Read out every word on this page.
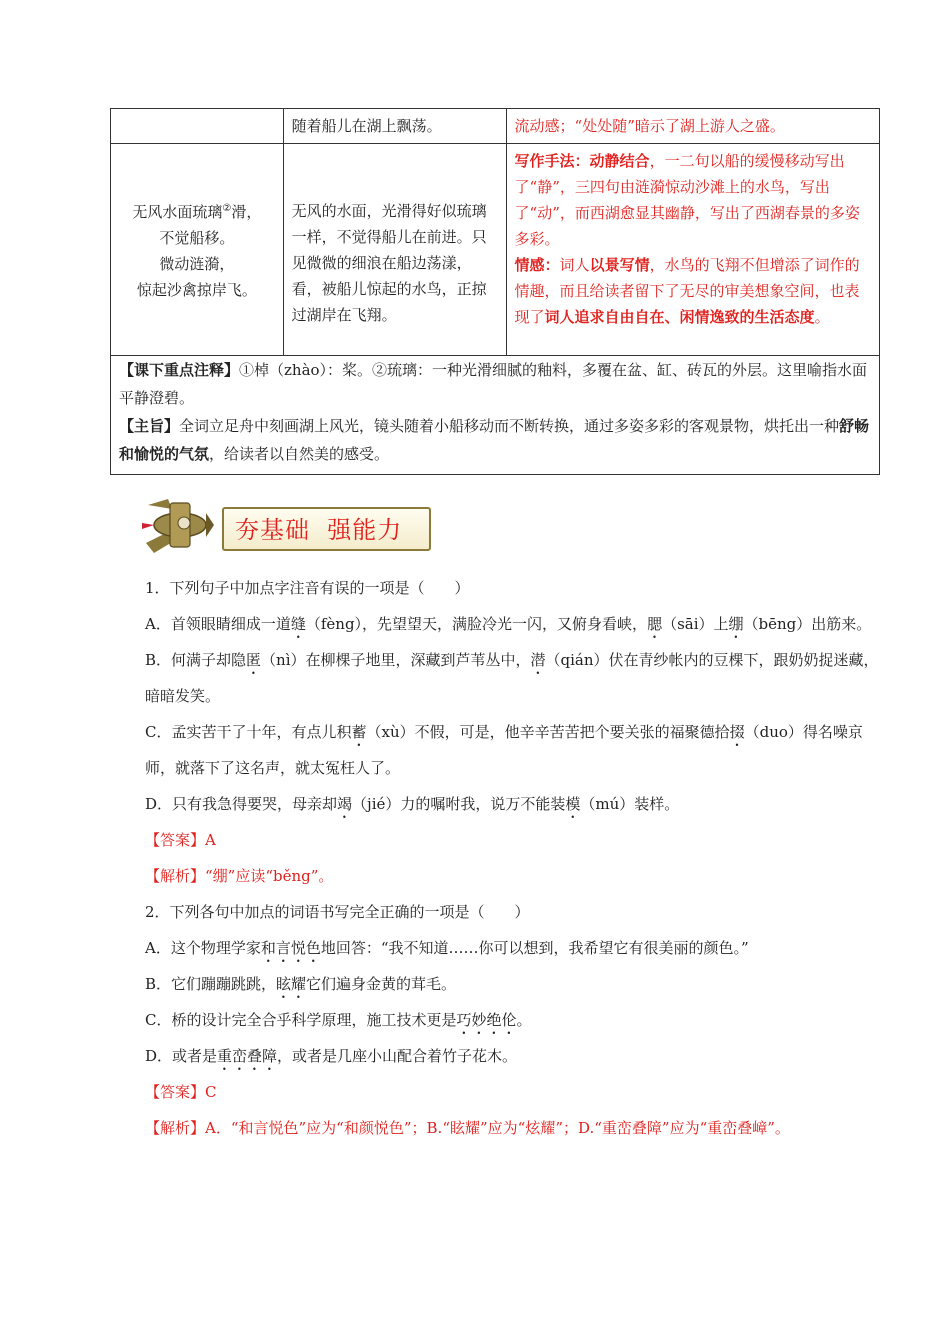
	随着船儿在湖上飘荡。	流动感；“处处随”暗示了湖上游人之盛。
无风水面琉璃②滑，
不觉船移。
微动涟漪，
惊起沙禽掠岸飞。	无风的水面，光滑得好似琉璃一样，不觉得船儿在前进。只见微微的细浪在船边荡漾，看，被船儿惊起的水鸟，正掠过湖岸在飞翔。	写作手法：动静结合，一二句以船的缓慢移动写出了“静”，三四句由涟漪惊动沙滩上的水鸟，写出了“动”，而西湖愈显其幽静，写出了西湖春景的多姿多彩。
情感：词人以景写情，水鸟的飞翔不但增添了词作的情趣，而且给读者留下了无尽的审美想象空间，也表现了词人追求自由自在、闲情逸致的生活态度。
【课下重点注释】①棹（zhào）：桨。②琉璃：一种光滑细腻的釉料，多覆在盆、缸、砖瓦的外层。这里喻指水面平静澄碧。
【主旨】全词立足舟中刻画湖上风光，镜头随着小船移动而不断转换，通过多姿多彩的客观景物，烘托出一种舒畅和愉悦的气氛，给读者以自然美的感受。
夯基础  强能力

1．下列句子中加点字注音有误的一项是（　　）

A．首领眼睛细成一道缝（fèng），先望望天，满脸冷光一闪，又俯身看峡，腮（sāi）上绷（bēng）出筋来。

B．何满子却隐匿（nì）在柳棵子地里，深藏到芦苇丛中，潜（qián）伏在青纱帐内的豆棵下，跟奶奶捉迷藏，暗暗发笑。

C．孟实苦干了十年，有点儿积蓄（xù）不假，可是，他辛辛苦苦把个要关张的福聚德拾掇（duo）得名噪京师，就落下了这名声，就太冤枉人了。

D．只有我急得要哭，母亲却竭（jié）力的嘱咐我，说万不能装模（mú）装样。

【答案】A

【解析】“绷”应读“běng”。

2．下列各句中加点的词语书写完全正确的一项是（　　）

A．这个物理学家和言悦色地回答：“我不知道……你可以想到，我希望它有很美丽的颜色。”

B．它们蹦蹦跳跳，眩耀它们遍身金黄的茸毛。

C．桥的设计完全合乎科学原理，施工技术更是巧妙绝伦。

D．或者是重峦叠障，或者是几座小山配合着竹子花木。

【答案】C

【解析】A．“和言悦色”应为“和颜悦色”；B.“眩耀”应为“炫耀”；D.“重峦叠障”应为“重峦叠嶂”。
